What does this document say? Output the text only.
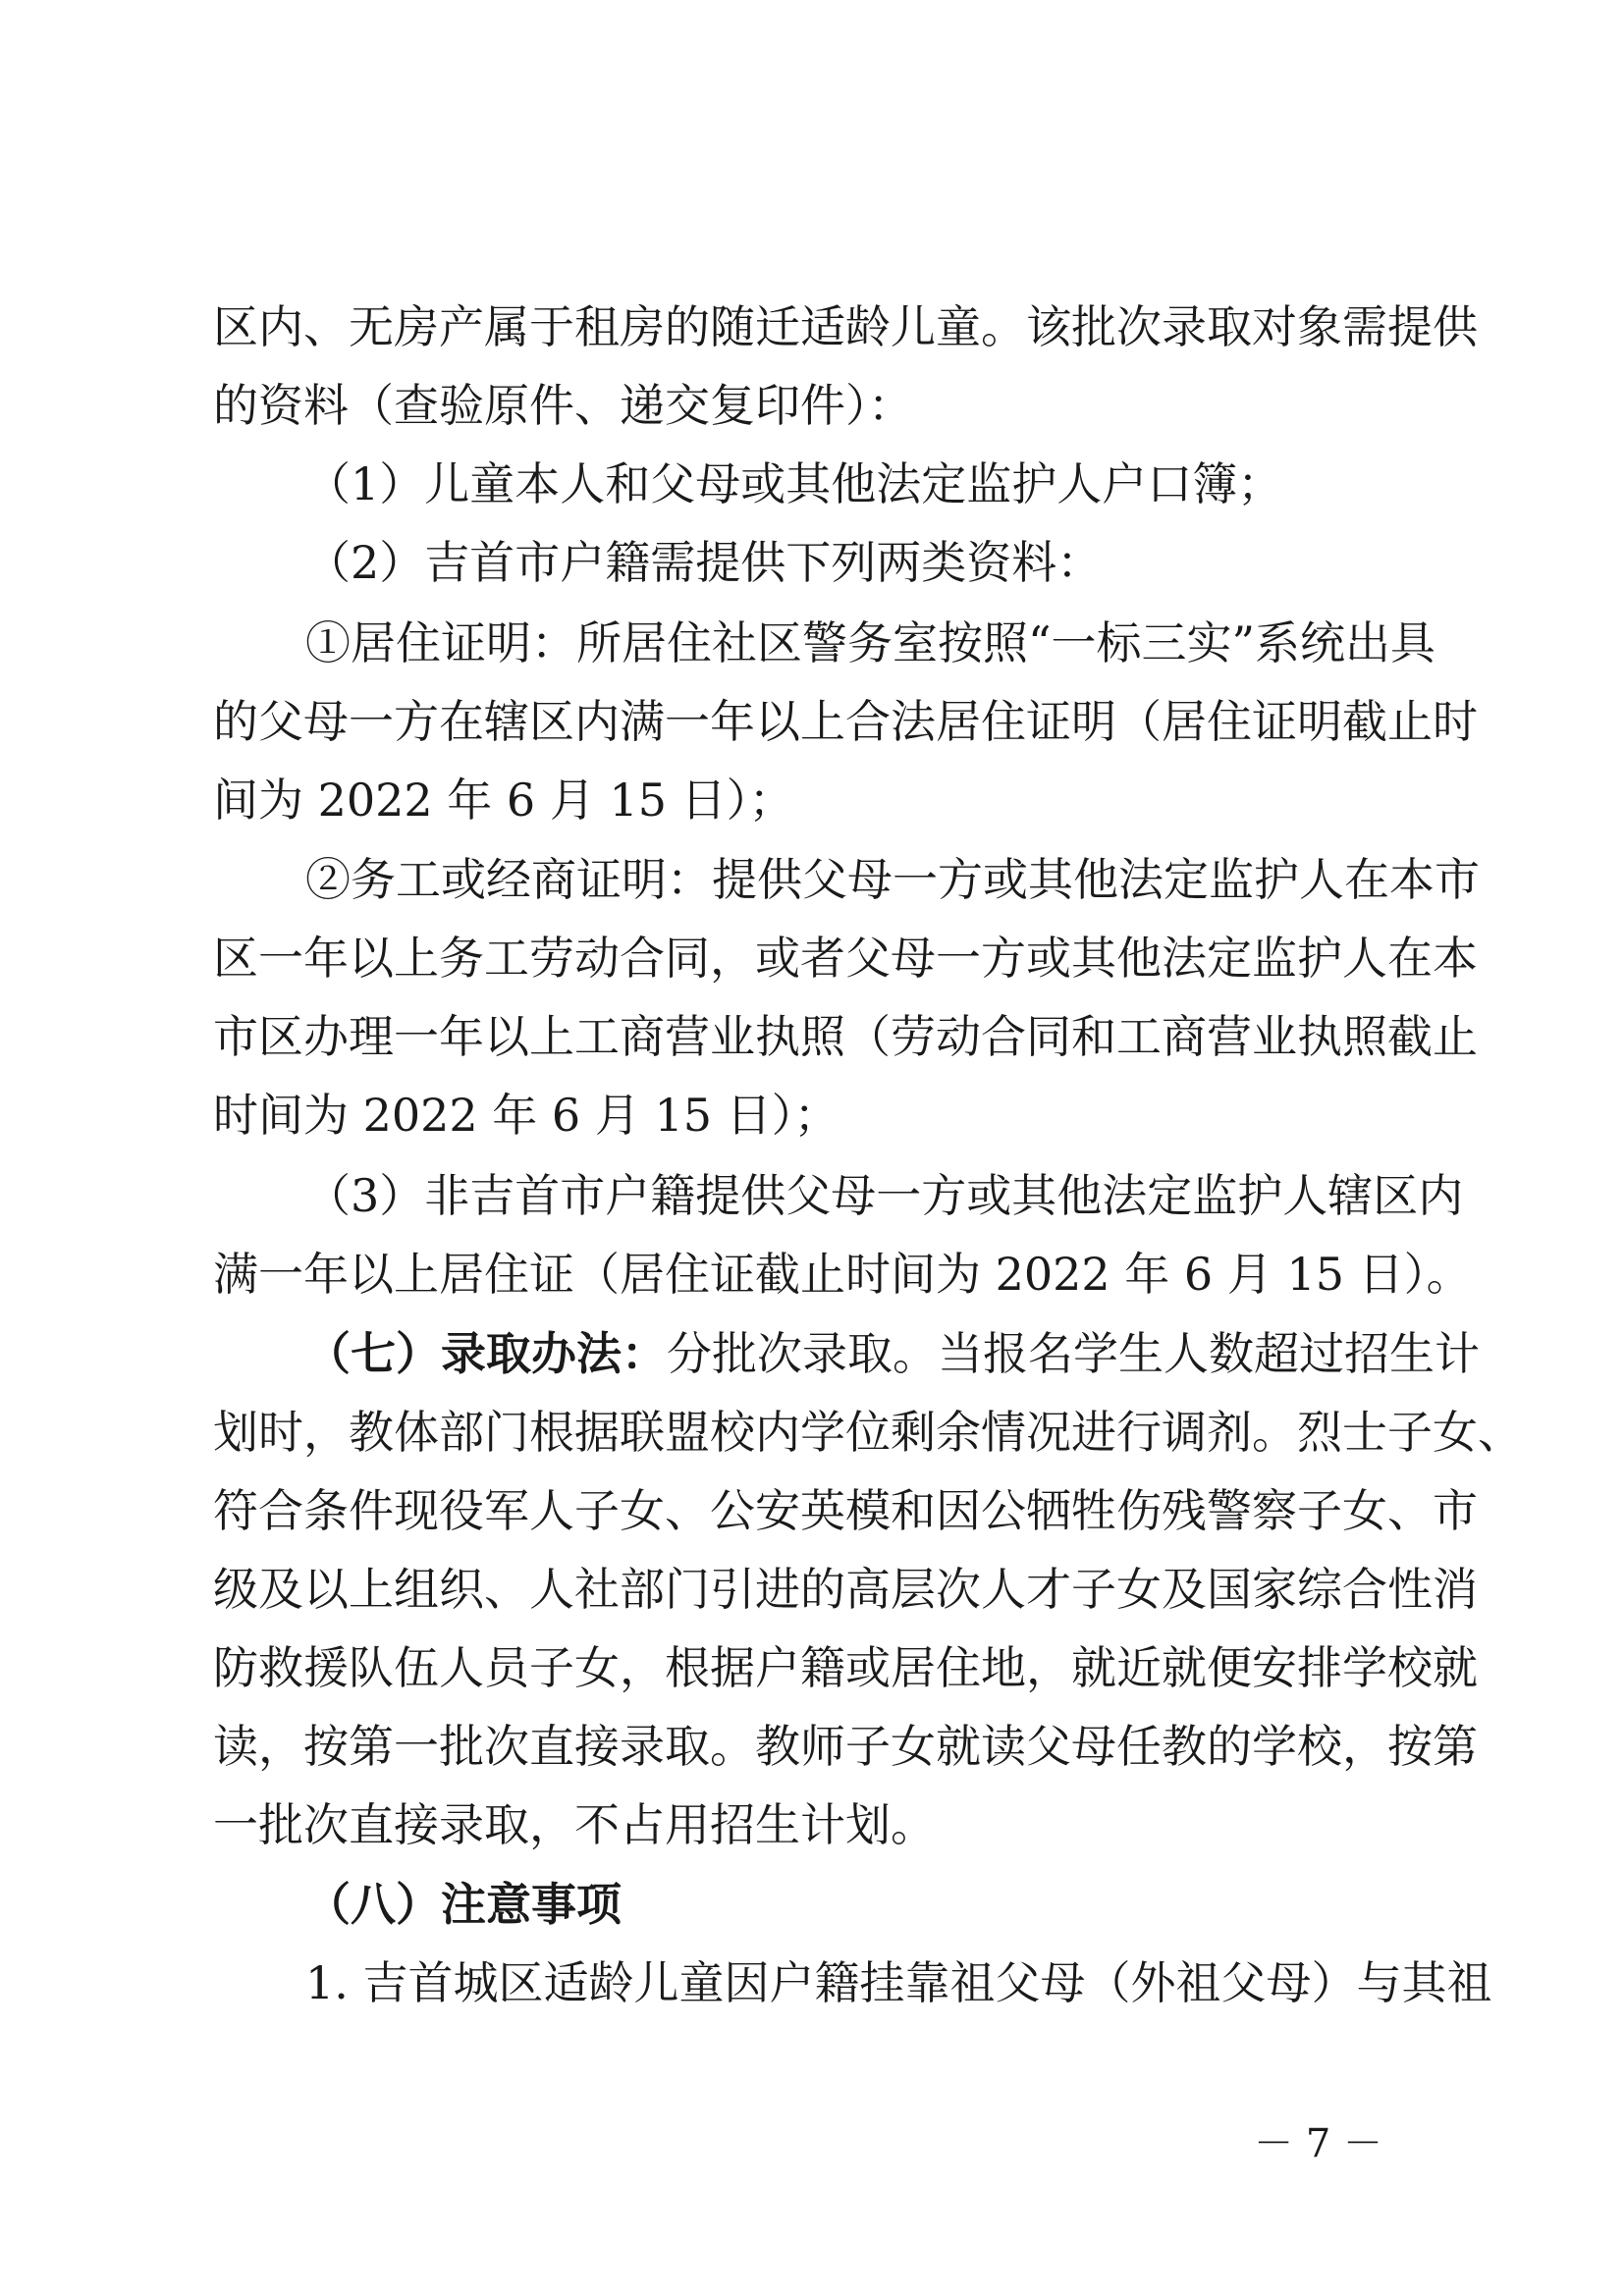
区内、无房产属于租房的随迁适龄儿童。该批次录取对象需提供
的资料（查验原件、递交复印件）：
（1）儿童本人和父母或其他法定监护人户口簿；
（2）吉首市户籍需提供下列两类资料：
①居住证明：所居住社区警务室按照“一标三实”系统出具
的父母一方在辖区内满一年以上合法居住证明（居住证明截止时
间为 2022 年 6 月 15 日）；
②务工或经商证明：提供父母一方或其他法定监护人在本市
区一年以上务工劳动合同，或者父母一方或其他法定监护人在本
市区办理一年以上工商营业执照（劳动合同和工商营业执照截止
时间为 2022 年 6 月 15 日）；
（3）非吉首市户籍提供父母一方或其他法定监护人辖区内
满一年以上居住证（居住证截止时间为 2022 年 6 月 15 日）。
（七）录取办法：分批次录取。当报名学生人数超过招生计
划时，教体部门根据联盟校内学位剩余情况进行调剂。烈士子女、
符合条件现役军人子女、公安英模和因公牺牲伤残警察子女、市
级及以上组织、人社部门引进的高层次人才子女及国家综合性消
防救援队伍人员子女，根据户籍或居住地，就近就便安排学校就
读，按第一批次直接录取。教师子女就读父母任教的学校，按第
一批次直接录取，不占用招生计划。
（八）注意事项
1. 吉首城区适龄儿童因户籍挂靠祖父母（外祖父母）与其祖
－ 7 －
